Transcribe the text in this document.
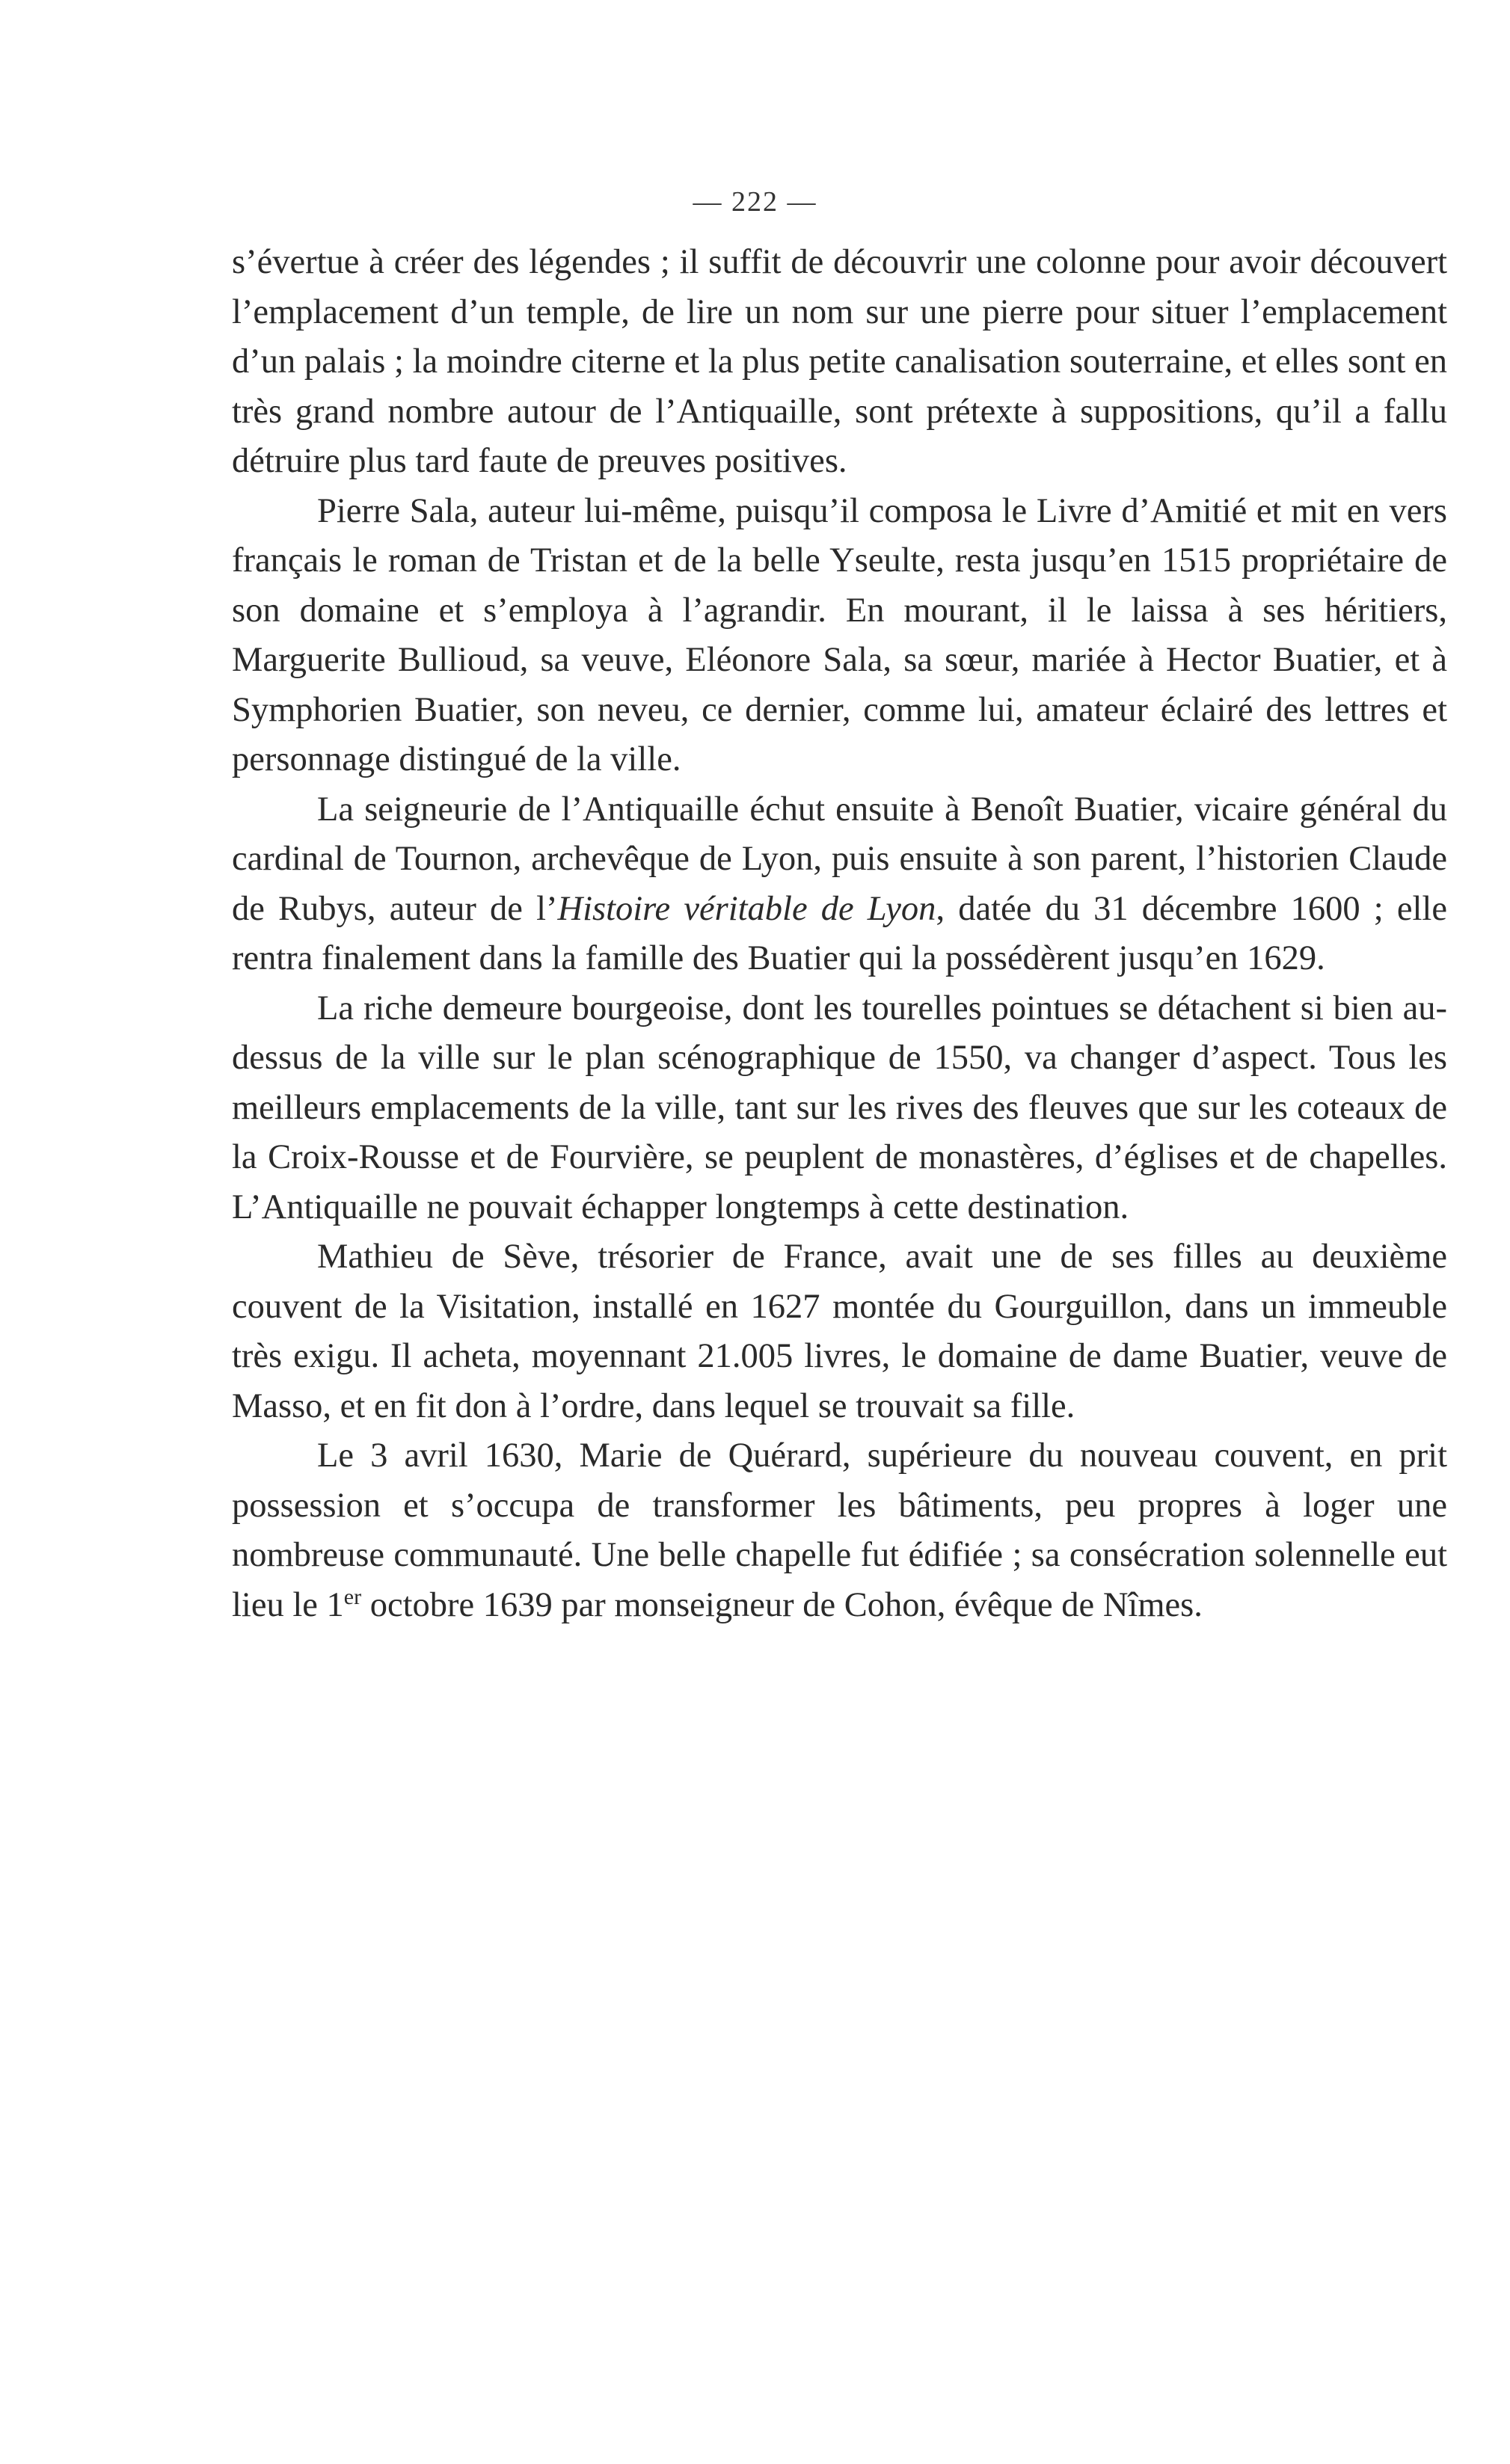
— 222 —

s’évertue à créer des légendes ; il suffit de découvrir une colonne pour avoir découvert l’emplacement d’un temple, de lire un nom sur une pierre pour situer l’emplacement d’un palais ; la moindre citerne et la plus petite canalisation souterraine, et elles sont en très grand nombre autour de l’Antiquaille, sont prétexte à suppositions, qu’il a fallu détruire plus tard faute de preuves positives.

Pierre Sala, auteur lui-même, puisqu’il composa le Livre d’Amitié et mit en vers français le roman de Tristan et de la belle Yseulte, resta jusqu’en 1515 propriétaire de son domaine et s’employa à l’agrandir. En mourant, il le laissa à ses héritiers, Marguerite Bullioud, sa veuve, Eléonore Sala, sa sœur, mariée à Hector Buatier, et à Symphorien Buatier, son neveu, ce dernier, comme lui, amateur éclairé des lettres et personnage distingué de la ville.

La seigneurie de l’Antiquaille échut ensuite à Benoît Buatier, vicaire général du cardinal de Tournon, archevêque de Lyon, puis ensuite à son parent, l’historien Claude de Rubys, auteur de l’Histoire véritable de Lyon, datée du 31 décembre 1600 ; elle rentra finalement dans la famille des Buatier qui la possédèrent jusqu’en 1629.

La riche demeure bourgeoise, dont les tourelles pointues se détachent si bien au-dessus de la ville sur le plan scénographique de 1550, va changer d’aspect. Tous les meilleurs emplacements de la ville, tant sur les rives des fleuves que sur les coteaux de la Croix-Rousse et de Fourvière, se peuplent de monastères, d’églises et de chapelles. L’Antiquaille ne pouvait échapper longtemps à cette destination.

Mathieu de Sève, trésorier de France, avait une de ses filles au deuxième couvent de la Visitation, installé en 1627 montée du Gourguillon, dans un immeuble très exigu. Il acheta, moyennant 21.005 livres, le domaine de dame Buatier, veuve de Masso, et en fit don à l’ordre, dans lequel se trouvait sa fille.

Le 3 avril 1630, Marie de Quérard, supérieure du nouveau couvent, en prit possession et s’occupa de transformer les bâtiments, peu propres à loger une nombreuse communauté. Une belle chapelle fut édifiée ; sa consécration solennelle eut lieu le 1er octobre 1639 par monseigneur de Cohon, évêque de Nîmes.
